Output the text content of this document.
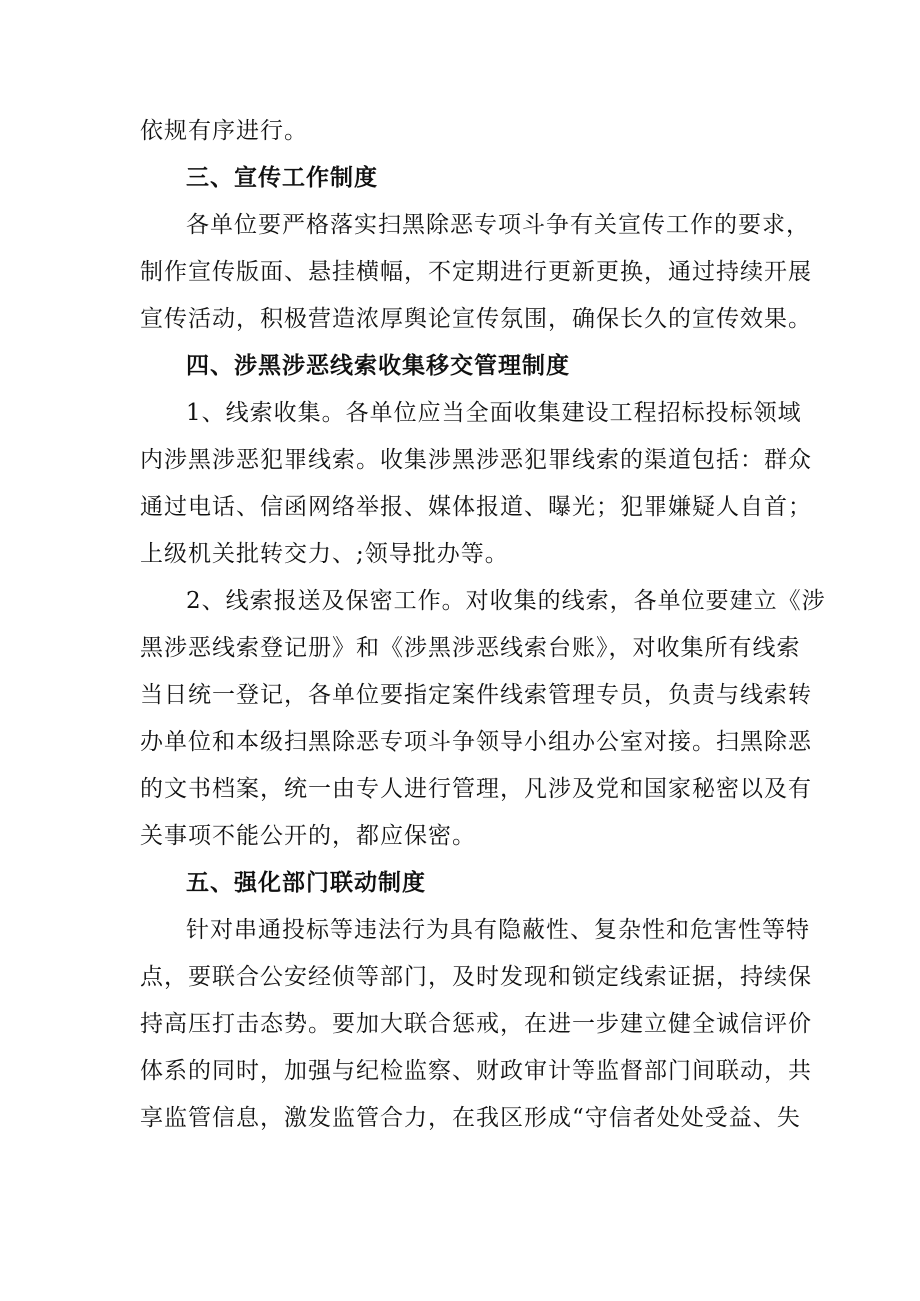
依规有序进行。
三、宣传工作制度
各单位要严格落实扫黑除恶专项斗争有关宣传工作的要求，
制作宣传版面、悬挂横幅，不定期进行更新更换，通过持续开展
宣传活动，积极营造浓厚舆论宣传氛围，确保长久的宣传效果。
四、涉黑涉恶线索收集移交管理制度
1、线索收集。各单位应当全面收集建设工程招标投标领域
内涉黑涉恶犯罪线索。收集涉黑涉恶犯罪线索的渠道包括：群众
通过电话、信函网络举报、媒体报道、曝光；犯罪嫌疑人自首；
上级机关批转交力、;领导批办等。
2、线索报送及保密工作。对收集的线索，各单位要建立《涉
黑涉恶线索登记册》和《涉黑涉恶线索台账》，对收集所有线索
当日统一登记，各单位要指定案件线索管理专员，负责与线索转
办单位和本级扫黑除恶专项斗争领导小组办公室对接。扫黑除恶
的文书档案，统一由专人进行管理，凡涉及党和国家秘密以及有
关事项不能公开的，都应保密。
五、强化部门联动制度
针对串通投标等违法行为具有隐蔽性、复杂性和危害性等特
点，要联合公安经侦等部门，及时发现和锁定线索证据，持续保
持高压打击态势。要加大联合惩戒，在进一步建立健全诚信评价
体系的同时，加强与纪检监察、财政审计等监督部门间联动，共
享监管信息，激发监管合力，在我区形成“守信者处处受益、失
